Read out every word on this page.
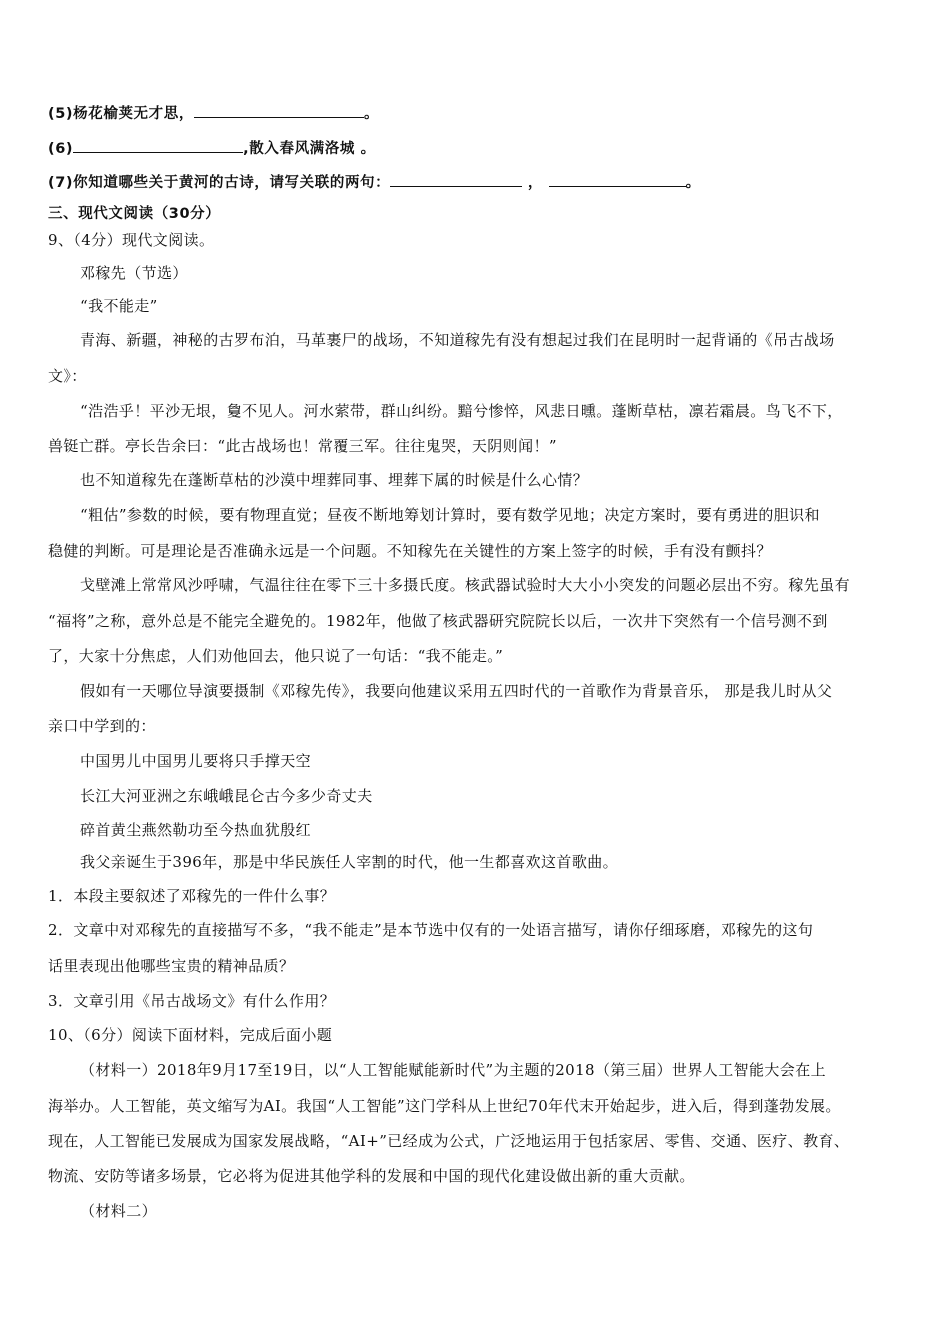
(5)杨花榆荚无才思，	。
(6)	,散入春风满洛城 。
(7)你知道哪些关于黄河的古诗，请写关联的两句：	，	。
三、现代文阅读（30分）
9、（4分）现代文阅读。
邓稼先（节选）
“我不能走”
青海、新疆，神秘的古罗布泊，马革裹尸的战场，不知道稼先有没有想起过我们在昆明时一起背诵的《吊古战场
文》：
“浩浩乎！平沙无垠，敻不见人。河水萦带，群山纠纷。黯兮惨悴，风悲日曛。蓬断草枯，凛若霜晨。鸟飞不下，
兽铤亡群。亭长告余曰：“此古战场也！常覆三军。往往鬼哭，天阴则闻！”
也不知道稼先在蓬断草枯的沙漠中埋葬同事、埋葬下属的时候是什么心情？
“粗估”参数的时候，要有物理直觉；昼夜不断地筹划计算时，要有数学见地；决定方案时，要有勇进的胆识和
稳健的判断。可是理论是否准确永远是一个问题。不知稼先在关键性的方案上签字的时候，手有没有颤抖？
戈壁滩上常常风沙呼啸，气温往往在零下三十多摄氏度。核武器试验时大大小小突发的问题必层出不穷。稼先虽有
“福将”之称，意外总是不能完全避免的。1982年，他做了核武器研究院院长以后，一次井下突然有一个信号测不到
了，大家十分焦虑，人们劝他回去，他只说了一句话：“我不能走。”
假如有一天哪位导演要摄制《邓稼先传》，我要向他建议采用五四时代的一首歌作为背景音乐， 那是我儿时从父
亲口中学到的：
中国男儿中国男儿要将只手撑天空
长江大河亚洲之东峨峨昆仑古今多少奇丈夫
碎首黄尘燕然勒功至今热血犹殷红
我父亲诞生于396年，那是中华民族任人宰割的时代，他一生都喜欢这首歌曲。
1．本段主要叙述了邓稼先的一件什么事？
2．文章中对邓稼先的直接描写不多，“我不能走”是本节选中仅有的一处语言描写，请你仔细琢磨，邓稼先的这句
话里表现出他哪些宝贵的精神品质？
3．文章引用《吊古战场文》有什么作用？
10、（6分）阅读下面材料，完成后面小题
（材料一）2018年9月17至19日，以“人工智能赋能新时代”为主题的2018（第三届）世界人工智能大会在上
海举办。人工智能，英文缩写为AI。我国“人工智能”这门学科从上世纪70年代末开始起步，进入后，得到蓬勃发展。
现在，人工智能已发展成为国家发展战略，“AI+”已经成为公式，广泛地运用于包括家居、零售、交通、医疗、教育、
物流、安防等诸多场景，它必将为促进其他学科的发展和中国的现代化建设做出新的重大贡献。
（材料二）
